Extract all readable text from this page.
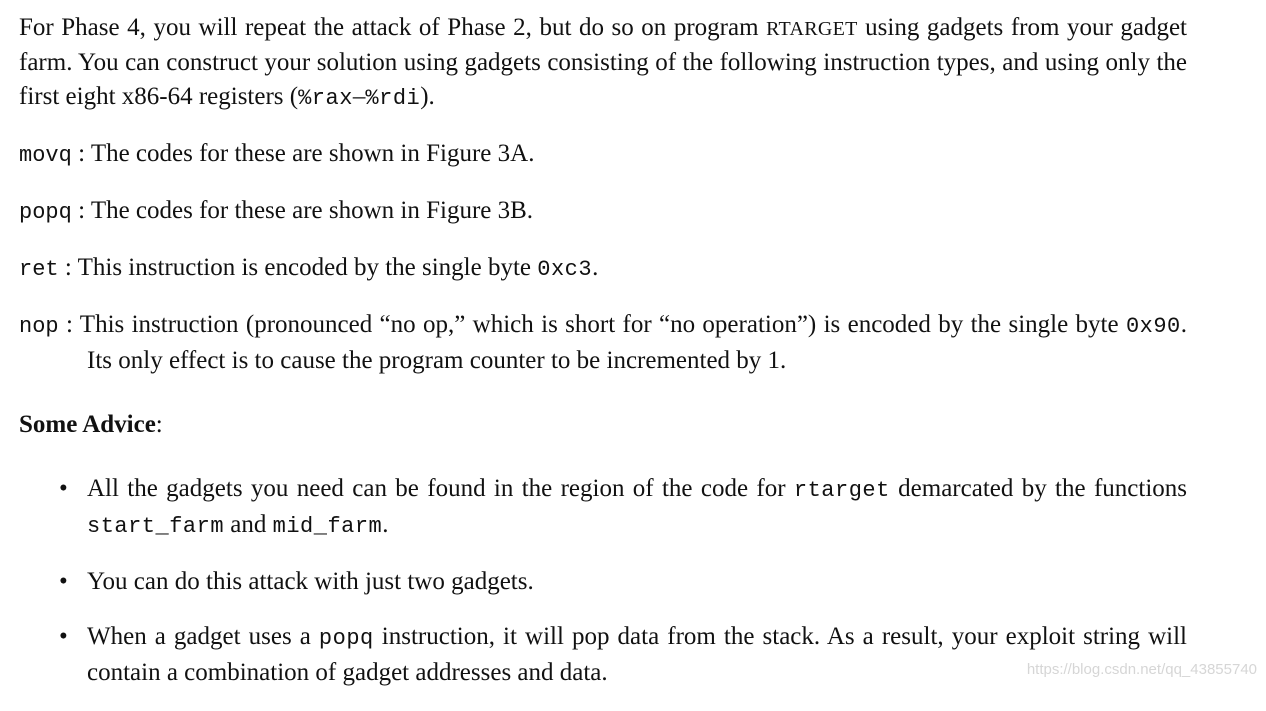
For Phase 4, you will repeat the attack of Phase 2, but do so on program RTARGET using gadgets from your gadget farm. You can construct your solution using gadgets consisting of the following instruction types, and using only the first eight x86-64 registers (%rax–%rdi).

movq : The codes for these are shown in Figure 3A.

popq : The codes for these are shown in Figure 3B.

ret : This instruction is encoded by the single byte 0xc3.

nop : This instruction (pronounced “no op,” which is short for “no operation”) is encoded by the single byte 0x90. Its only effect is to cause the program counter to be incremented by 1.

Some Advice:

• All the gadgets you need can be found in the region of the code for rtarget demarcated by the functions start_farm and mid_farm.
• You can do this attack with just two gadgets.
• When a gadget uses a popq instruction, it will pop data from the stack. As a result, your exploit string will contain a combination of gadget addresses and data.	https://blog.csdn.net/qq_43855740
